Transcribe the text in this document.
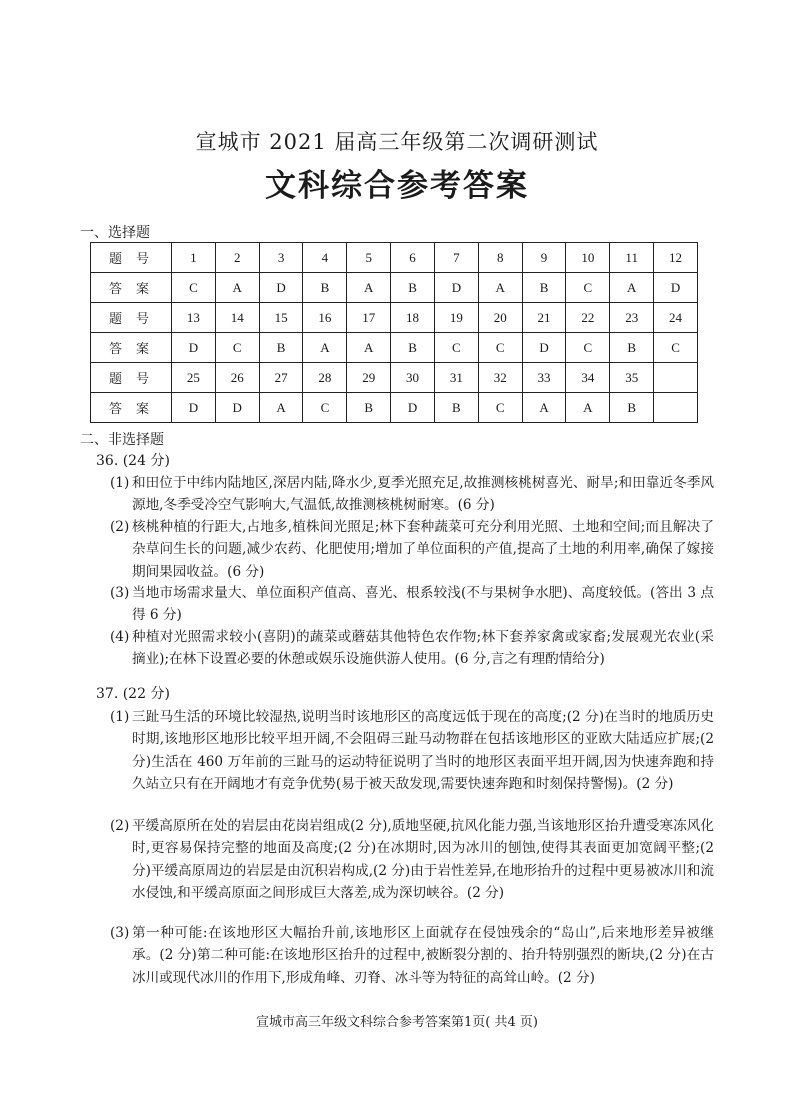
宣城市 2021 届高三年级第二次调研测试
文科综合参考答案
一、选择题
题号	1	2	3	4	5	6	7	8	9	10	11	12
答案	C	A	D	B	A	B	D	A	B	C	A	D
题号	13	14	15	16	17	18	19	20	21	22	23	24
答案	D	C	B	A	A	B	C	C	D	C	B	C
题号	25	26	27	28	29	30	31	32	33	34	35	
答案	D	D	A	C	B	D	B	C	A	A	B	
二、非选择题
36. (24 分)
(1) 和田位于中纬内陆地区,深居内陆,降水少,夏季光照充足,故推测核桃树喜光、耐旱;和田靠近冬季风源地,冬季受冷空气影响大,气温低,故推测核桃树耐寒。(6 分)
(2) 核桃种植的行距大,占地多,植株间光照足;林下套种蔬菜可充分利用光照、土地和空间;而且解决了杂草问生长的问题,减少农药、化肥使用;增加了单位面积的产值,提高了土地的利用率,确保了嫁接期间果园收益。(6 分)
(3) 当地市场需求量大、单位面积产值高、喜光、根系较浅(不与果树争水肥)、高度较低。(答出 3 点得 6 分)
(4) 种植对光照需求较小(喜阴)的蔬菜或蘑菇其他特色农作物;林下套养家禽或家畜;发展观光农业(采摘业);在林下设置必要的休憩或娱乐设施供游人使用。(6 分,言之有理酌情给分)
37. (22 分)
(1) 三趾马生活的环境比较湿热,说明当时该地形区的高度远低于现在的高度;(2 分)在当时的地质历史时期,该地形区地形比较平坦开阔,不会阻碍三趾马动物群在包括该地形区的亚欧大陆适应扩展;(2 分)生活在 460 万年前的三趾马的运动特征说明了当时的地形区表面平坦开阔,因为快速奔跑和持久站立只有在开阔地才有竞争优势(易于被天敌发现,需要快速奔跑和时刻保持警惕)。(2 分)
(2) 平缓高原所在处的岩层由花岗岩组成(2 分),质地坚硬,抗风化能力强,当该地形区抬升遭受寒冻风化时,更容易保持完整的地面及高度;(2 分)在冰期时,因为冰川的刨蚀,使得其表面更加宽阔平整;(2 分)平缓高原周边的岩层是由沉积岩构成,(2 分)由于岩性差异,在地形抬升的过程中更易被冰川和流水侵蚀,和平缓高原面之间形成巨大落差,成为深切峡谷。(2 分)
(3) 第一种可能:在该地形区大幅抬升前,该地形区上面就存在侵蚀残余的“岛山”,后来地形差异被继承。(2 分)第二种可能:在该地形区抬升的过程中,被断裂分割的、抬升特别强烈的断块,(2 分)在古冰川或现代冰川的作用下,形成角峰、刃脊、冰斗等为特征的高耸山岭。(2 分)
宣城市高三年级文科综合参考答案第1页( 共4 页)
